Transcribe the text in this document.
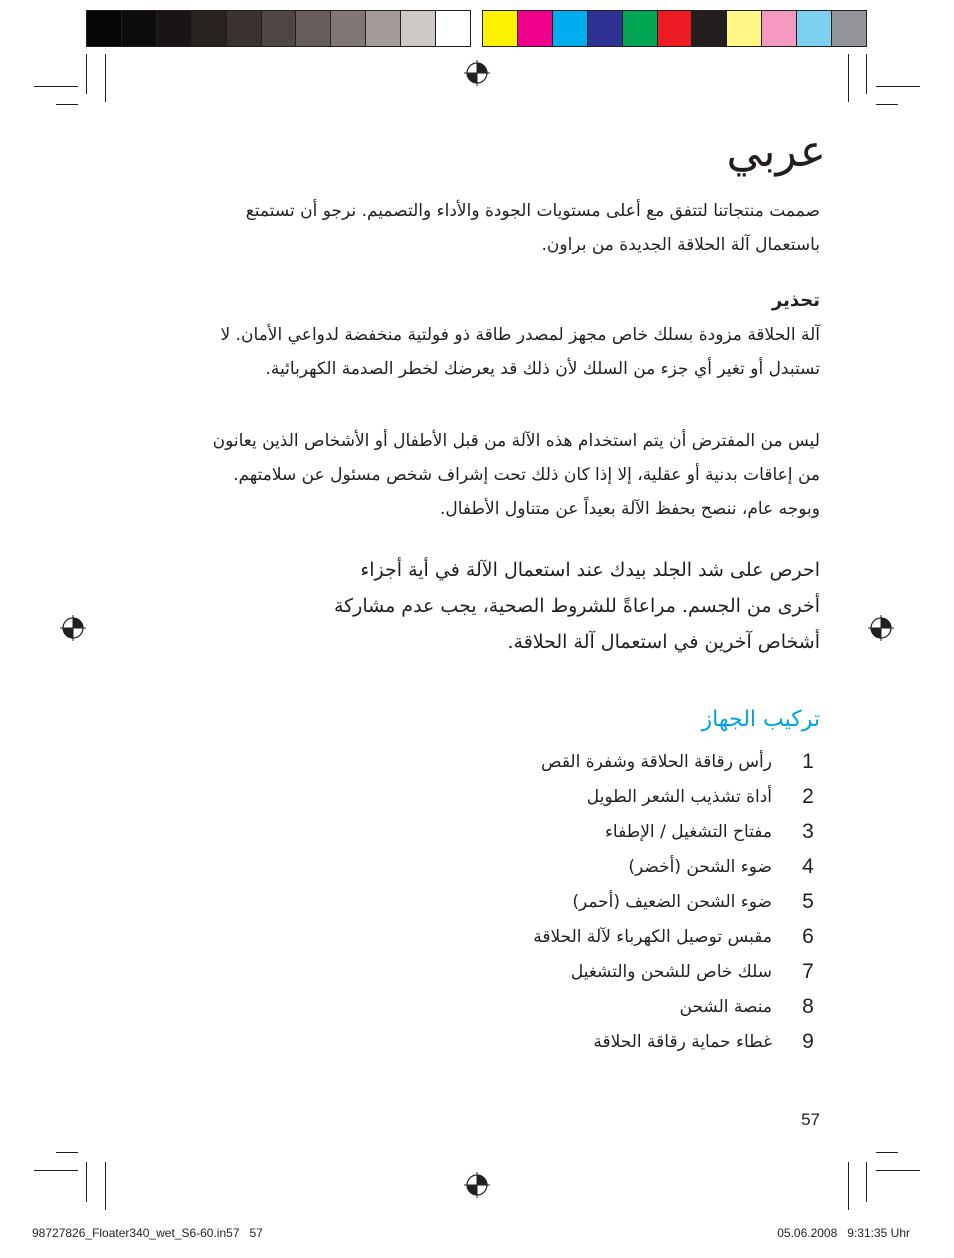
عربي
صممت منتجاتنا لتتفق مع أعلى مستويات الجودة والأداء والتصميم. نرجو أن تستمتع
باستعمال آلة الحلاقة الجديدة من براون.
تحذير
آلة الحلاقة مزودة بسلك خاص مجهز لمصدر طاقة ذو فولتية منخفضة لدواعي الأمان. لا
تستبدل أو تغير أي جزء من السلك لأن ذلك قد يعرضك لخطر الصدمة الكهربائية.
ليس من المفترض أن يتم استخدام هذه الآلة من قبل الأطفال أو الأشخاص الذين يعانون
من إعاقات بدنية أو عقلية، إلا إذا كان ذلك تحت إشراف شخص مسئول عن سلامتهم.
وبوجه عام، ننصح بحفظ الآلة بعيداً عن متناول الأطفال.
احرص على شد الجلد بيدك عند استعمال الآلة في أية أجزاء
أخرى من الجسم. مراعاةً للشروط الصحية، يجب عدم مشاركة
أشخاص آخرين في استعمال آلة الحلاقة.
تركيب الجهاز
1
رأس رقاقة الحلاقة وشفرة القص
2
أداة تشذيب الشعر الطويل
3
مفتاح التشغيل / الإطفاء
4
ضوء الشحن (أخضر)
5
ضوء الشحن الضعيف (أحمر)
6
مقبس توصيل الكهرباء لآلة الحلاقة
7
سلك خاص للشحن والتشغيل
8
منصة الشحن
9
غطاء حماية رقاقة الحلاقة
57
98727826_Floater340_wet_S6-60.in57   57	05.06.2008   9:31:35 Uhr
